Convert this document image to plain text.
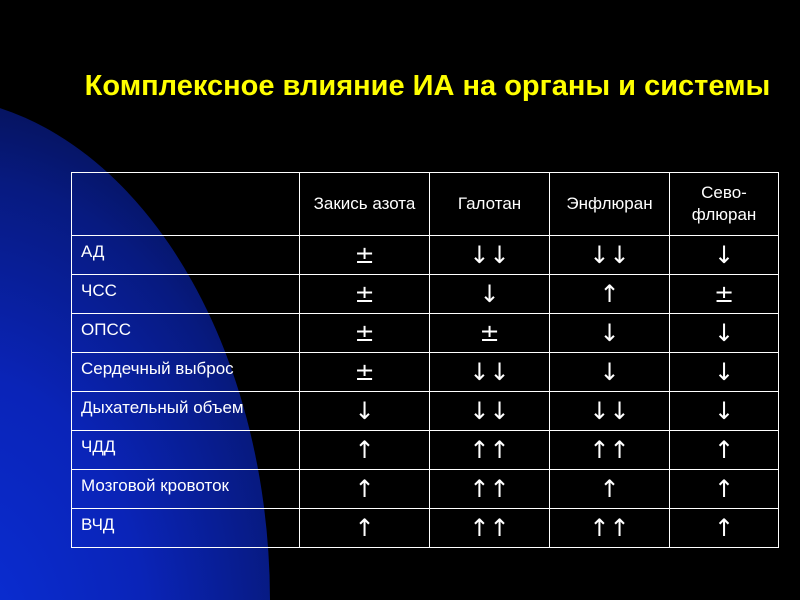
Комплексное влияние ИА на органы и системы
	Закись азота	Галотан	Энфлюран	Сево-флюран
АД	±	↓↓	↓↓	↓
ЧСС	±	↓	↑	±
ОПСС	±	±	↓	↓
Сердечный выброс	±	↓↓	↓	↓
Дыхательный объем	↓	↓↓	↓↓	↓
ЧДД	↑	↑↑	↑↑	↑
Мозговой кровоток	↑	↑↑	↑	↑
ВЧД	↑	↑↑	↑↑	↑
